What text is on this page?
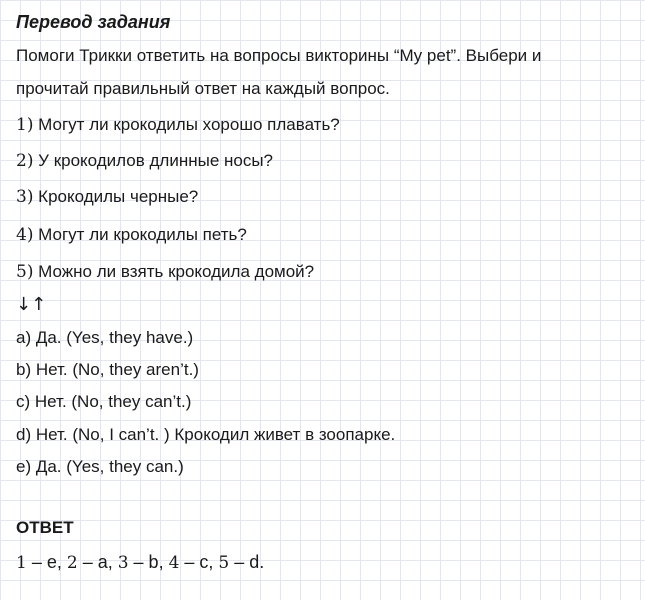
Перевод задания
Помоги Трикки ответить на вопросы викторины “My pet”. Выбери и
прочитай правильный ответ на каждый вопрос.
1) Могут ли крокодилы хорошо плавать?
2) У крокодилов длинные носы?
3) Крокодилы черные?
4) Могут ли крокодилы петь?
5) Можно ли взять крокодила домой?
↓↑
a) Да. (Yes, they have.)
b) Нет. (No, they aren’t.)
c) Нет. (No, they can’t.)
d) Нет. (No, I can’t. ) Крокодил живет в зоопарке.
e) Да. (Yes, they can.)
ОТВЕТ
1 – e, 2 – a, 3 – b, 4 – c, 5 – d.
